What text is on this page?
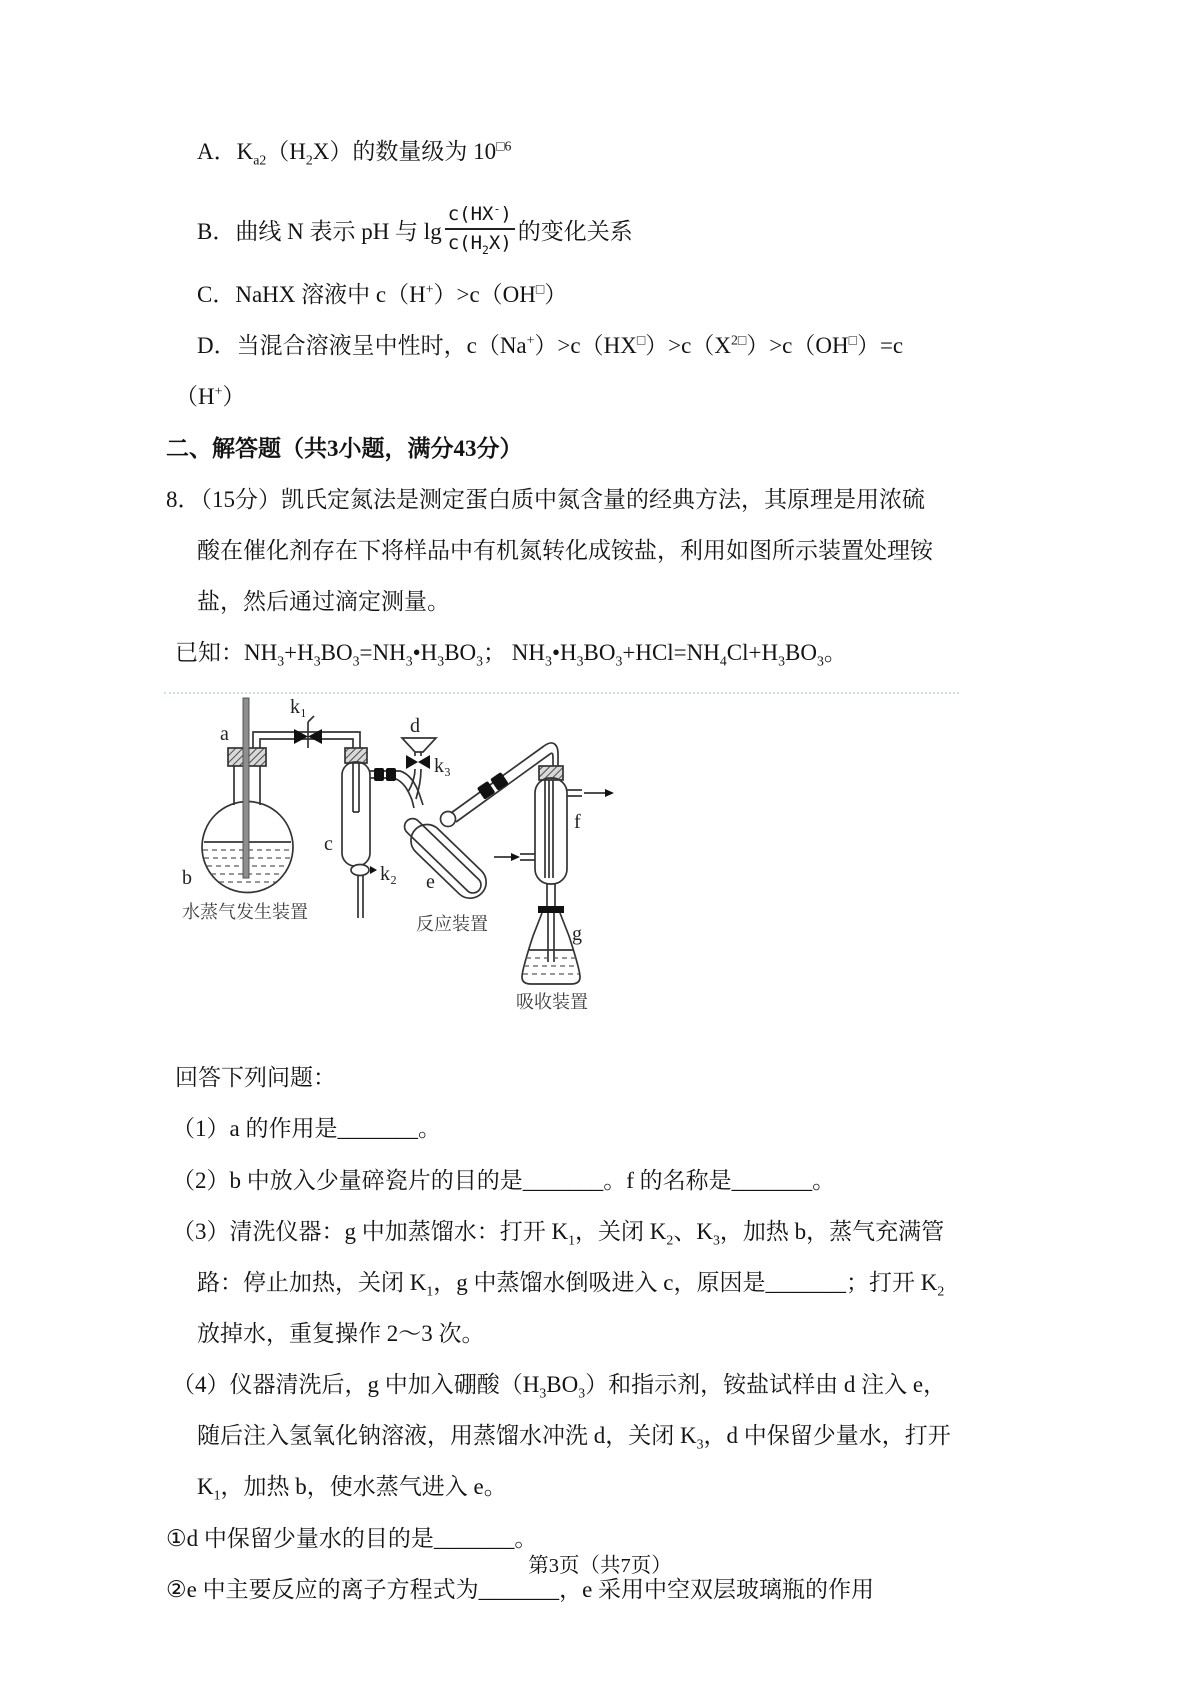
A．$K_{a2}(H_2X)$的数量级为 $10^{□6}$
B．曲线 N 表示 pH 与 $\lg \frac{c(HX^-)}{c(H_2X)}$ 的变化关系
C．NaHX 溶液中 c（H+）>c（OH□）
D．当混合溶液呈中性时，$c(Na^+)>c(HX^□)>c(X^{2□})>c(OH^□)=c$
（H+）
二、解答题（共3小题，满分43分）
8．（15分）凯氏定氮法是测定蛋白质中氮含量的经典方法，其原理是用浓硫
酸在催化剂存在下将样品中有机氮转化成铵盐，利用如图所示装置处理铵
盐，然后通过滴定测量。
已知：$NH_3+H_3BO_3=NH_3•H_3BO_3$； $NH_3•H_3BO_3+HCl=NH_4Cl+H_3BO_3$。
a
b
c
d
e
f
g
k₁
k₂
k₃
水蒸气发生装置
反应装置
吸收装置
回答下列问题：
（1）a 的作用是_______。
（2）b 中放入少量碎瓷片的目的是_______。f 的名称是_______。
（3）清洗仪器：g 中加蒸馏水：打开 $K_1$，关闭 $K_2$、$K_3$，加热 b，蒸气充满管
路：停止加热，关闭 $K_1$，g 中蒸馏水倒吸进入 c，原因是_______；打开 $K_2$
放掉水，重复操作 2～3 次。
（4）仪器清洗后，g 中加入硼酸$(H_3BO_3)$和指示剂，铵盐试样由 d 注入 e，
随后注入氢氧化钠溶液，用蒸馏水冲洗 d，关闭 $K_3$，d 中保留少量水，打开
$K_1$，加热 b，使水蒸气进入 e。
①d 中保留少量水的目的是_______。
②e 中主要反应的离子方程式为_______，e 采用中空双层玻璃瓶的作用
第3页（共7页）
